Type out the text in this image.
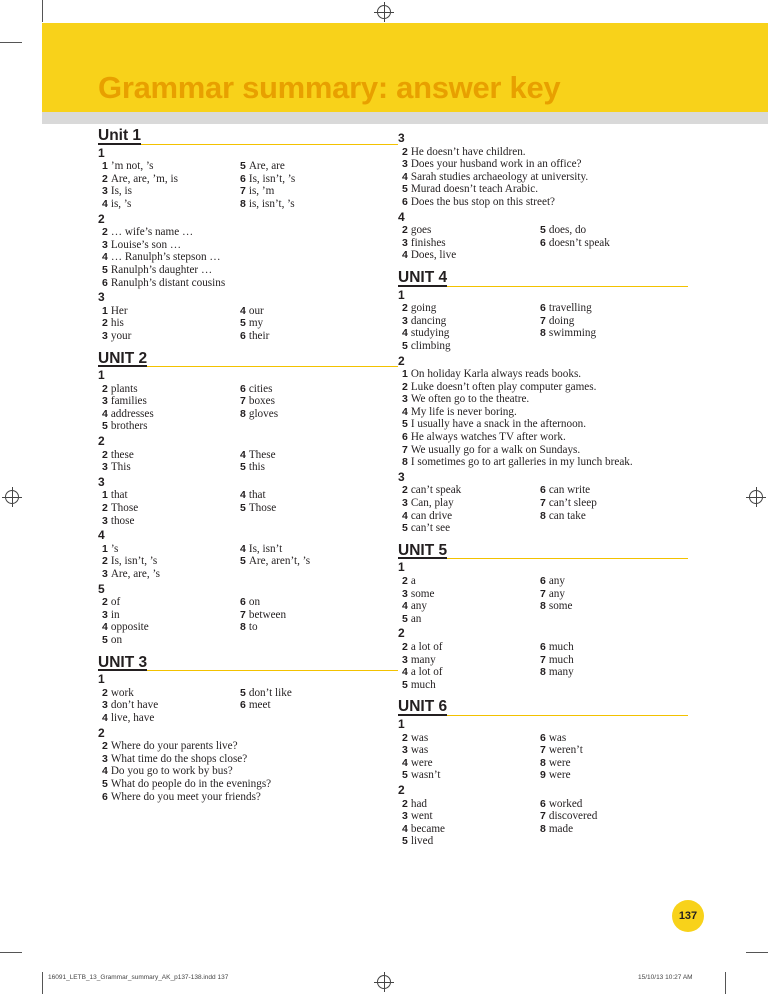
Grammar summary: answer key
Unit 1
1
1 ’m not, ’s
2 Are, are, ’m, is
3 Is, is
4 is, ’s
5 Are, are
6 Is, isn’t, ’s
7 is, ’m
8 is, isn’t, ’s
2
2 … wife’s name …
3 Louise’s son …
4 … Ranulph’s stepson …
5 Ranulph’s daughter …
6 Ranulph’s distant cousins
3
1 Her
2 his
3 your
4 our
5 my
6 their
UNIT 2
1
2 plants
3 families
4 addresses
5 brothers
6 cities
7 boxes
8 gloves
2
2 these
3 This
4 These
5 this
3
1 that
2 Those
3 those
4 that
5 Those
4
1 ’s
2 Is, isn’t, ’s
3 Are, are, ’s
4 Is, isn’t
5 Are, aren’t, ’s
5
2 of
3 in
4 opposite
5 on
6 on
7 between
8 to
UNIT 3
1
2 work
3 don’t have
4 live, have
5 don’t like
6 meet
2
2 Where do your parents live?
3 What time do the shops close?
4 Do you go to work by bus?
5 What do people do in the evenings?
6 Where do you meet your friends?
3
2 He doesn’t have children.
3 Does your husband work in an office?
4 Sarah studies archaeology at university.
5 Murad doesn’t teach Arabic.
6 Does the bus stop on this street?
4
2 goes
3 finishes
4 Does, live
5 does, do
6 doesn’t speak
UNIT 4
1
2 going
3 dancing
4 studying
5 climbing
6 travelling
7 doing
8 swimming
2
1 On holiday Karla always reads books.
2 Luke doesn’t often play computer games.
3 We often go to the theatre.
4 My life is never boring.
5 I usually have a snack in the afternoon.
6 He always watches TV after work.
7 We usually go for a walk on Sundays.
8 I sometimes go to art galleries in my lunch break.
3
2 can’t speak
3 Can, play
4 can drive
5 can’t see
6 can write
7 can’t sleep
8 can take
UNIT 5
1
2 a
3 some
4 any
5 an
6 any
7 any
8 some
2
2 a lot of
3 many
4 a lot of
5 much
6 much
7 much
8 many
UNIT 6
1
2 was
3 was
4 were
5 wasn’t
6 was
7 weren’t
8 were
9 were
2
2 had
3 went
4 became
5 lived
6 worked
7 discovered
8 made
137
16091_LETB_13_Grammar_summary_AK_p137-138.indd 137	15/10/13 10:27 AM
